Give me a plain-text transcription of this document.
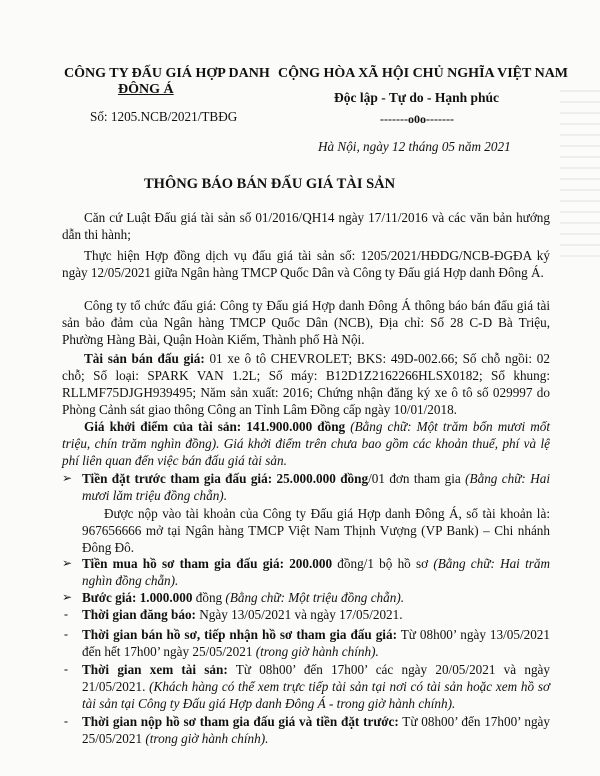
CÔNG TY ĐẤU GIÁ HỢP DANH
ĐÔNG Á
Số: 1205.NCB/2021/TBĐG
CỘNG HÒA XÃ HỘI CHỦ NGHĨA VIỆT NAM
Độc lập - Tự do - Hạnh phúc
-------o0o-------
Hà Nội, ngày 12 tháng 05 năm 2021
THÔNG BÁO BÁN ĐẤU GIÁ TÀI SẢN
Căn cứ Luật Đấu giá tài sản số 01/2016/QH14 ngày 17/11/2016 và các văn bản hướng dẫn thi hành;
Thực hiện Hợp đồng dịch vụ đấu giá tài sản số: 1205/2021/HĐDG/NCB-ĐGĐA ký ngày 12/05/2021 giữa Ngân hàng TMCP Quốc Dân và Công ty Đấu giá Hợp danh Đông Á.
Công ty tổ chức đấu giá: Công ty Đấu giá Hợp danh Đông Á thông báo bán đấu giá tài sản bảo đảm của Ngân hàng TMCP Quốc Dân (NCB), Địa chỉ: Số 28 C-D Bà Triệu, Phường Hàng Bài, Quận Hoàn Kiếm, Thành phố Hà Nội.
Tài sản bán đấu giá: 01 xe ô tô CHEVROLET; BKS: 49D-002.66; Số chỗ ngồi: 02 chỗ; Số loại: SPARK VAN 1.2L; Số máy: B12D1Z2162266HLSX0182; Số khung: RLLMF75DJGH939495; Năm sản xuất: 2016; Chứng nhận đăng ký xe ô tô số 029997 do Phòng Cảnh sát giao thông Công an Tỉnh Lâm Đồng cấp ngày 10/01/2018.
Giá khởi điểm của tài sản: 141.900.000 đồng (Bằng chữ: Một trăm bốn mươi mốt triệu, chín trăm nghìn đồng). Giá khởi điểm trên chưa bao gồm các khoản thuế, phí và lệ phí liên quan đến việc bán đấu giá tài sản.
➢ Tiền đặt trước tham gia đấu giá: 25.000.000 đồng/01 đơn tham gia (Bằng chữ: Hai mươi lăm triệu đồng chẵn).
Được nộp vào tài khoản của Công ty Đấu giá Hợp danh Đông Á, số tài khoản là: 967656666 mở tại Ngân hàng TMCP Việt Nam Thịnh Vượng (VP Bank) – Chi nhánh Đông Đô.
➢ Tiền mua hồ sơ tham gia đấu giá: 200.000 đồng/1 bộ hồ sơ (Bằng chữ: Hai trăm nghìn đồng chẵn).
➢ Bước giá: 1.000.000 đồng (Bằng chữ: Một triệu đồng chẵn).
- Thời gian đăng báo: Ngày 13/05/2021 và ngày 17/05/2021.
- Thời gian bán hồ sơ, tiếp nhận hồ sơ tham gia đấu giá: Từ 08h00’ ngày 13/05/2021 đến hết 17h00’ ngày 25/05/2021 (trong giờ hành chính).
- Thời gian xem tài sản: Từ 08h00’ đến 17h00’ các ngày 20/05/2021 và ngày 21/05/2021. (Khách hàng có thể xem trực tiếp tài sản tại nơi có tài sản hoặc xem hồ sơ tài sản tại Công ty Đấu giá Hợp danh Đông Á - trong giờ hành chính).
- Thời gian nộp hồ sơ tham gia đấu giá và tiền đặt trước: Từ 08h00’ đến 17h00’ ngày 25/05/2021 (trong giờ hành chính).
